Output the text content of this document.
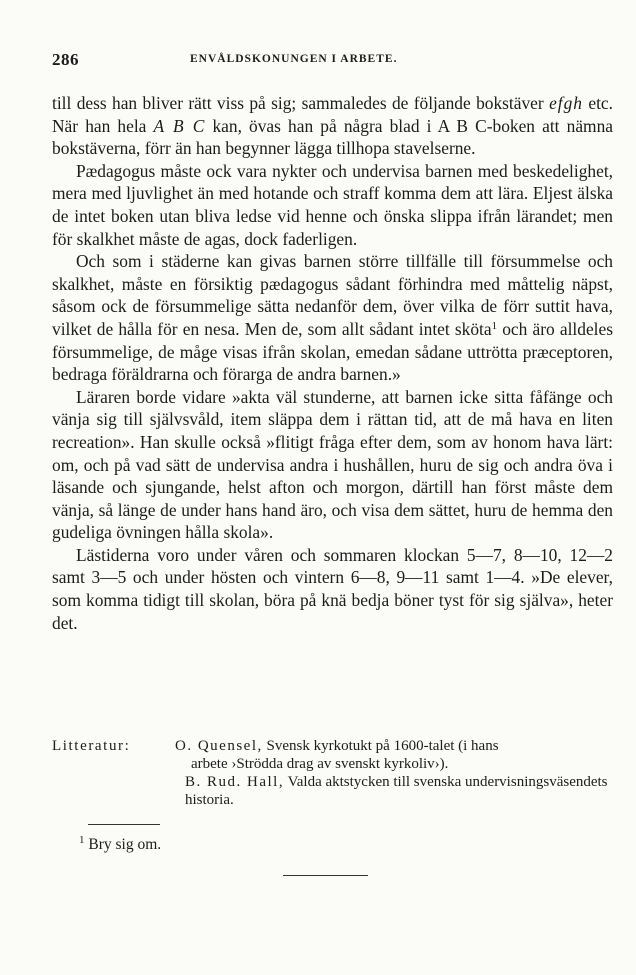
286	ENVÅLDSKONUNGEN I ARBETE.

till dess han bliver rätt viss på sig; sammaledes de följande bokstäver efgh etc. När han hela A B C kan, övas han på några blad i A B C-boken att nämna bokstäverna, förr än han begynner lägga tillhopa stavelserne.

Pædagogus måste ock vara nykter och undervisa barnen med beskedelighet, mera med ljuvlighet än med hotande och straff komma dem att lära. Eljest älska de intet boken utan bliva ledse vid henne och önska slippa ifrån lärandet; men för skalkhet måste de agas, dock faderligen.

Och som i städerne kan givas barnen större tillfälle till försummelse och skalkhet, måste en försiktig pædagogus sådant förhindra med måttelig näpst, såsom ock de försummelige sätta nedanför dem, över vilka de förr suttit hava, vilket de hålla för en nesa. Men de, som allt sådant intet sköta$^1$ och äro alldeles försummelige, de måge visas ifrån skolan, emedan sådane uttrötta præceptoren, bedraga föräldrarna och förarga de andra barnen.»

Läraren borde vidare »akta väl stunderne, att barnen icke sitta fåfänge och vänja sig till självsvåld, item släppa dem i rättan tid, att de må hava en liten recreation». Han skulle också »flitigt fråga efter dem, som av honom hava lärt: om, och på vad sätt de undervisa andra i hushållen, huru de sig och andra öva i läsande och sjungande, helst afton och morgon, därtill han först måste dem vänja, så länge de under hans hand äro, och visa dem sättet, huru de hemma den gudeliga övningen hålla skola».

Lästiderna voro under våren och sommaren klockan 5—7, 8—10, 12—2 samt 3—5 och under hösten och vintern 6—8, 9—11 samt 1—4. »De elever, som komma tidigt till skolan, böra på knä bedja böner tyst för sig själva», heter det.

Litteratur:	O. Quensel, Svensk kyrkotukt på 1600-talet (i hans
arbete ›Strödda drag av svenskt kyrkoliv›).
B. Rud. Hall, Valda aktstycken till svenska undervisningsväsendets historia.
$^1$ Bry sig om.
